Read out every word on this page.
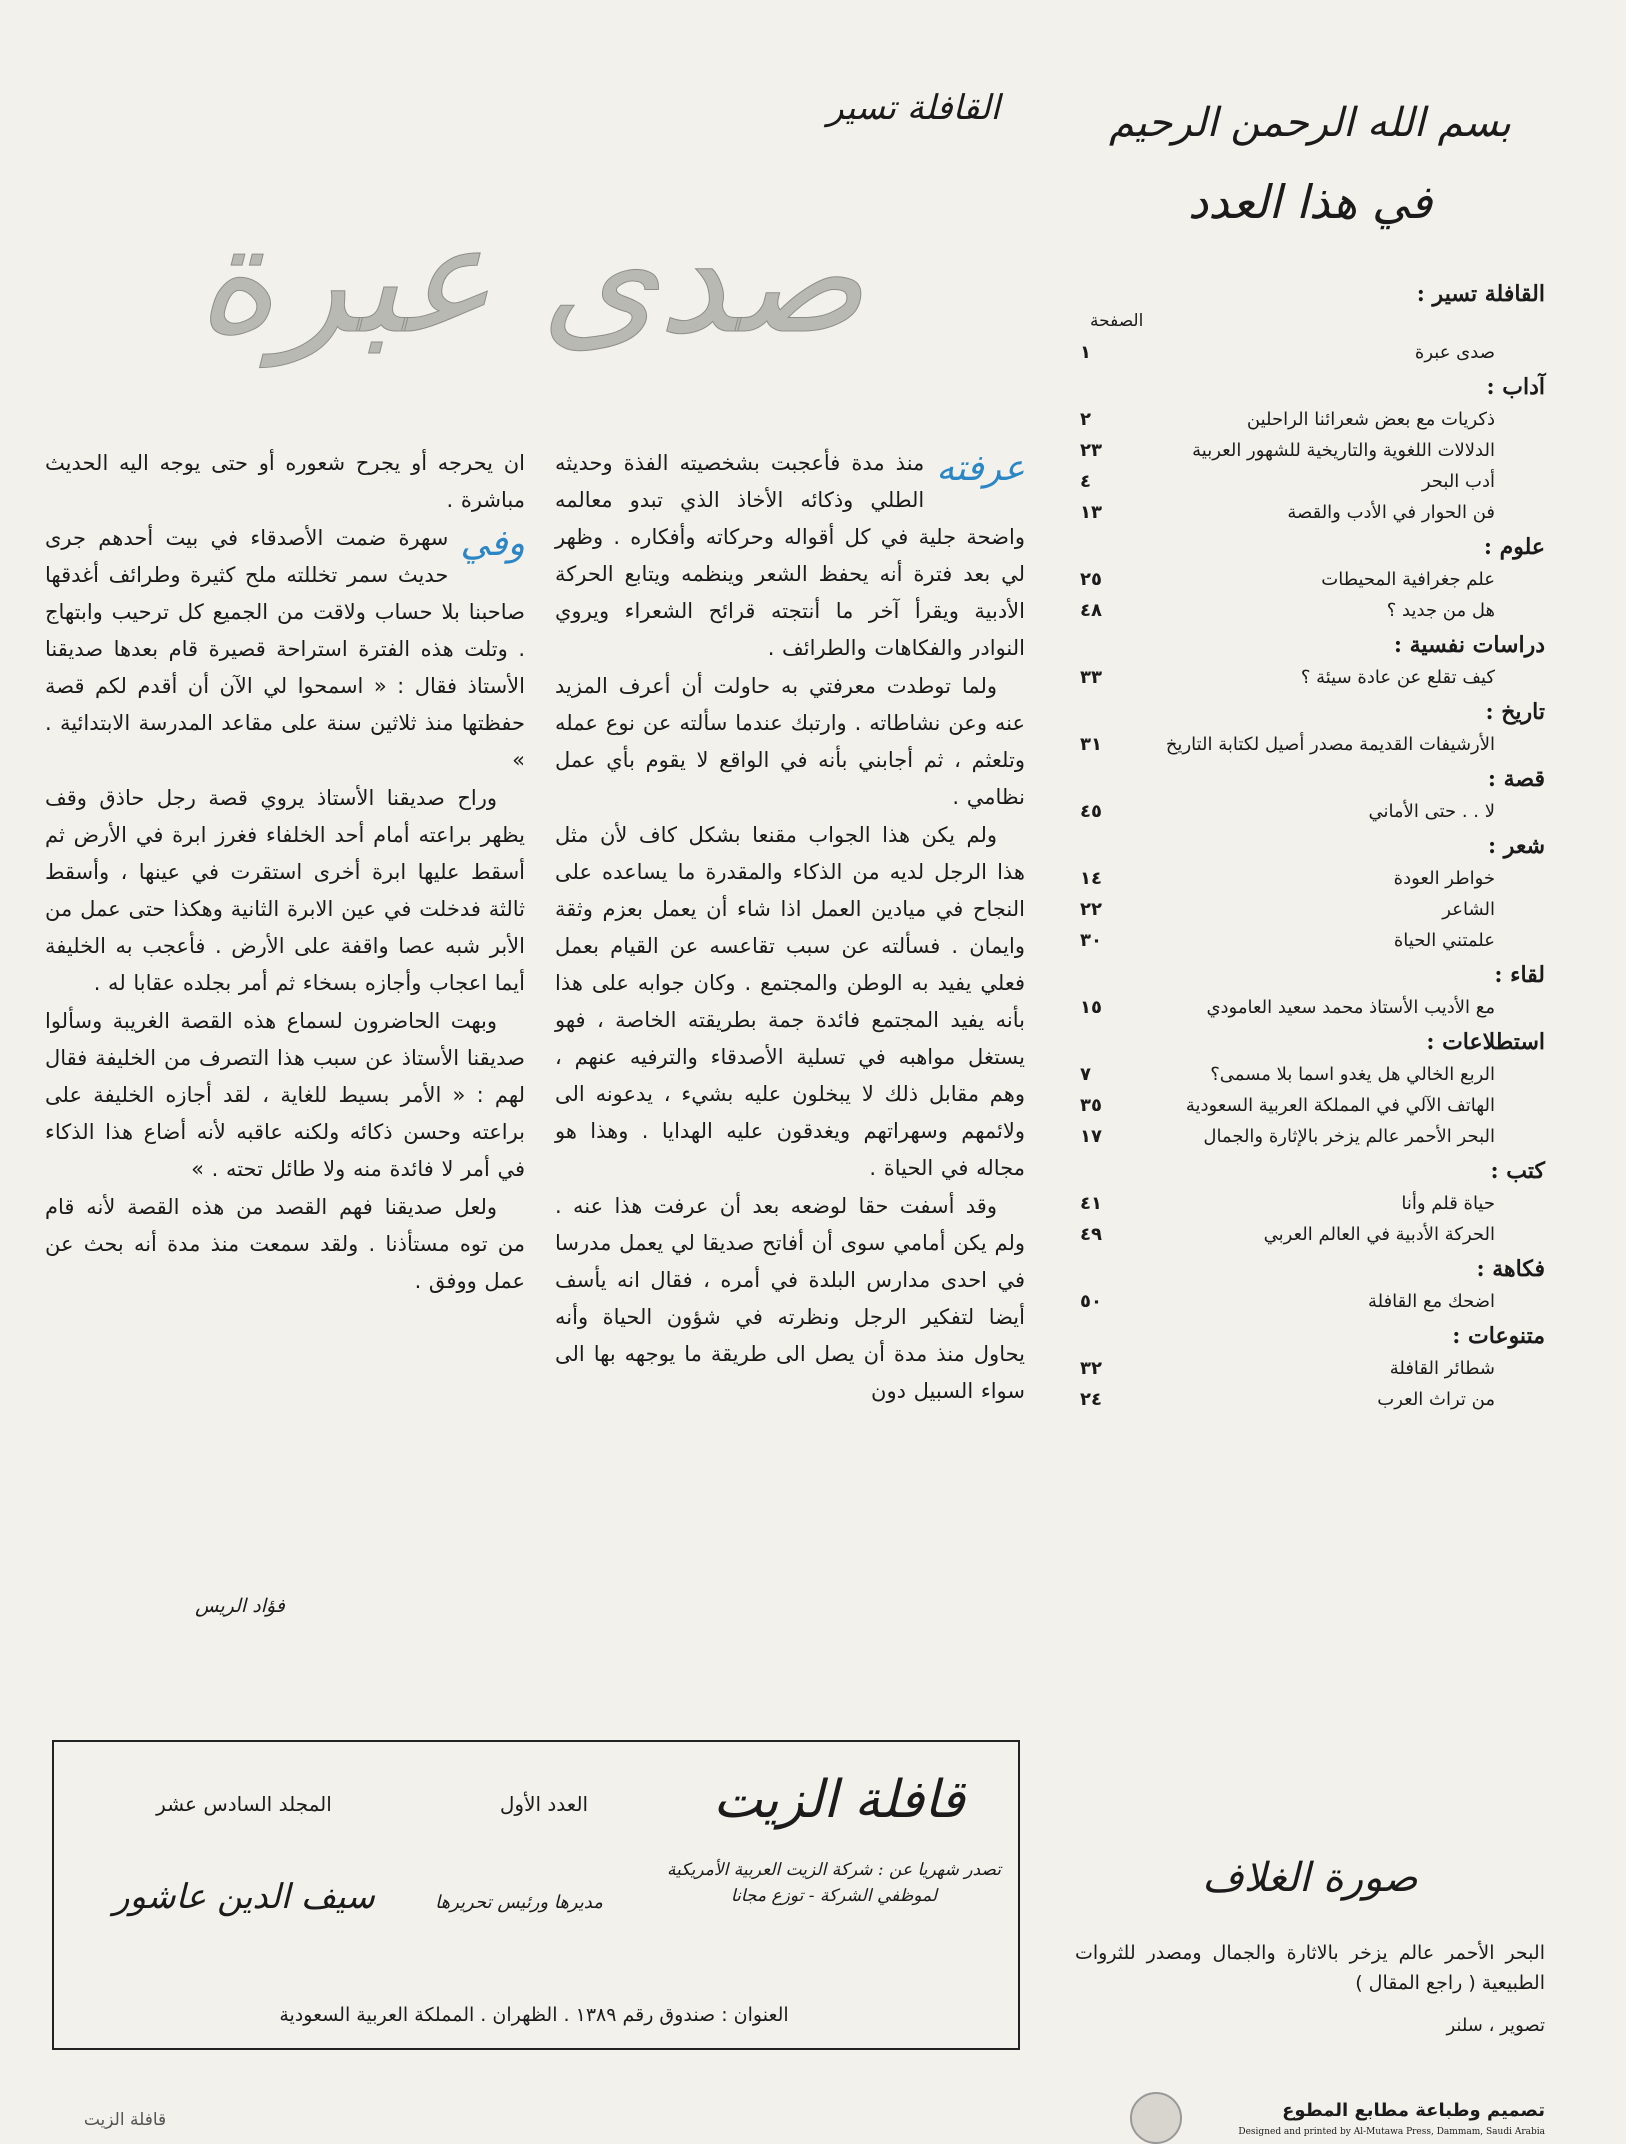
بسم الله الرحمن الرحيم
في هذا العدد
القافلة تسير :
الصفحة
صدى عبرة
١
آداب :
ذكريات مع بعض شعرائنا الراحلين
٢
الدلالات اللغوية والتاريخية للشهور العربية
٢٣
أدب البحر
٤
فن الحوار في الأدب والقصة
١٣
علوم :
علم جغرافية المحيطات
٢٥
هل من جديد ؟
٤٨
دراسات نفسية :
كيف تقلع عن عادة سيئة ؟
٣٣
تاريخ :
الأرشيفات القديمة مصدر أصيل لكتابة التاريخ
٣١
قصة :
لا . . حتى الأماني
٤٥
شعر :
خواطر العودة
١٤
الشاعر
٢٢
علمتني الحياة
٣٠
لقاء :
مع الأديب الأستاذ محمد سعيد العامودي
١٥
استطلاعات :
الربع الخالي هل يغدو اسما بلا مسمى؟
٧
الهاتف الآلي في المملكة العربية السعودية
٣٥
البحر الأحمر عالم يزخر بالإثارة والجمال
١٧
كتب :
حياة قلم وأنا
٤١
الحركة الأدبية في العالم العربي
٤٩
فكاهة :
اضحك مع القافلة
٥٠
متنوعات :
شطائر القافلة
٣٢
من تراث العرب
٢٤
صورة الغلاف
البحر الأحمر عالم يزخر بالاثارة والجمال ومصدر للثروات الطبيعية ( راجع المقال )
تصوير ، سلنر
تصميم وطباعة مطابع المطوع
Designed and printed by Al-Mutawa Press, Dammam, Saudi Arabia
القافلة تسير
صدى عبرة
عرفته

منذ مدة فأعجبت بشخصيته الفذة وحديثه الطلي وذكائه الأخاذ الذي تبدو معالمه واضحة جلية في كل أقواله وحركاته وأفكاره . وظهر لي بعد فترة أنه يحفظ الشعر وينظمه ويتابع الحركة الأدبية ويقرأ آخر ما أنتجته قرائح الشعراء ويروي النوادر والفكاهات والطرائف .

ولما توطدت معرفتي به حاولت أن أعرف المزيد عنه وعن نشاطاته . وارتبك عندما سألته عن نوع عمله وتلعثم ، ثم أجابني بأنه في الواقع لا يقوم بأي عمل نظامي .

ولم يكن هذا الجواب مقنعا بشكل كاف لأن مثل هذا الرجل لديه من الذكاء والمقدرة ما يساعده على النجاح في ميادين العمل اذا شاء أن يعمل بعزم وثقة وايمان . فسألته عن سبب تقاعسه عن القيام بعمل فعلي يفيد به الوطن والمجتمع . وكان جوابه على هذا بأنه يفيد المجتمع فائدة جمة بطريقته الخاصة ، فهو يستغل مواهبه في تسلية الأصدقاء والترفيه عنهم ، وهم مقابل ذلك لا يبخلون عليه بشيء ، يدعونه الى ولائمهم وسهراتهم ويغدقون عليه الهدايا . وهذا هو مجاله في الحياة .

وقد أسفت حقا لوضعه بعد أن عرفت هذا عنه . ولم يكن أمامي سوى أن أفاتح صديقا لي يعمل مدرسا في احدى مدارس البلدة في أمره ، فقال انه يأسف أيضا لتفكير الرجل ونظرته في شؤون الحياة وأنه يحاول منذ مدة أن يصل الى طريقة ما يوجهه بها الى سواء السبيل دون

ان يحرجه أو يجرح شعوره أو حتى يوجه اليه الحديث مباشرة .

وفي

سهرة ضمت الأصدقاء في بيت أحدهم جرى حديث سمر تخللته ملح كثيرة وطرائف أغدقها صاحبنا بلا حساب ولاقت من الجميع كل ترحيب وابتهاج . وتلت هذه الفترة استراحة قصيرة قام بعدها صديقنا الأستاذ فقال : « اسمحوا لي الآن أن أقدم لكم قصة حفظتها منذ ثلاثين سنة على مقاعد المدرسة الابتدائية . »

وراح صديقنا الأستاذ يروي قصة رجل حاذق وقف يظهر براعته أمام أحد الخلفاء فغرز ابرة في الأرض ثم أسقط عليها ابرة أخرى استقرت في عينها ، وأسقط ثالثة فدخلت في عين الابرة الثانية وهكذا حتى عمل من الأبر شبه عصا واقفة على الأرض . فأعجب به الخليفة أيما اعجاب وأجازه بسخاء ثم أمر بجلده عقابا له .

وبهت الحاضرون لسماع هذه القصة الغريبة وسألوا صديقنا الأستاذ عن سبب هذا التصرف من الخليفة فقال لهم : « الأمر بسيط للغاية ، لقد أجازه الخليفة على براعته وحسن ذكائه ولكنه عاقبه لأنه أضاع هذا الذكاء في أمر لا فائدة منه ولا طائل تحته . »

ولعل صديقنا فهم القصد من هذه القصة لأنه قام من توه مستأذنا . ولقد سمعت منذ مدة أنه بحث عن عمل ووفق .

فؤاد الريس
قافلة الزيت
العدد الأول
المجلد السادس عشر
تصدر شهريا عن : شركة الزيت العربية الأمريكية لموظفي الشركة - توزع مجانا
مديرها ورئيس تحريرها
سيف الدين عاشور
العنوان : صندوق رقم ١٣٨٩ . الظهران . المملكة العربية السعودية
قافلة الزيت
